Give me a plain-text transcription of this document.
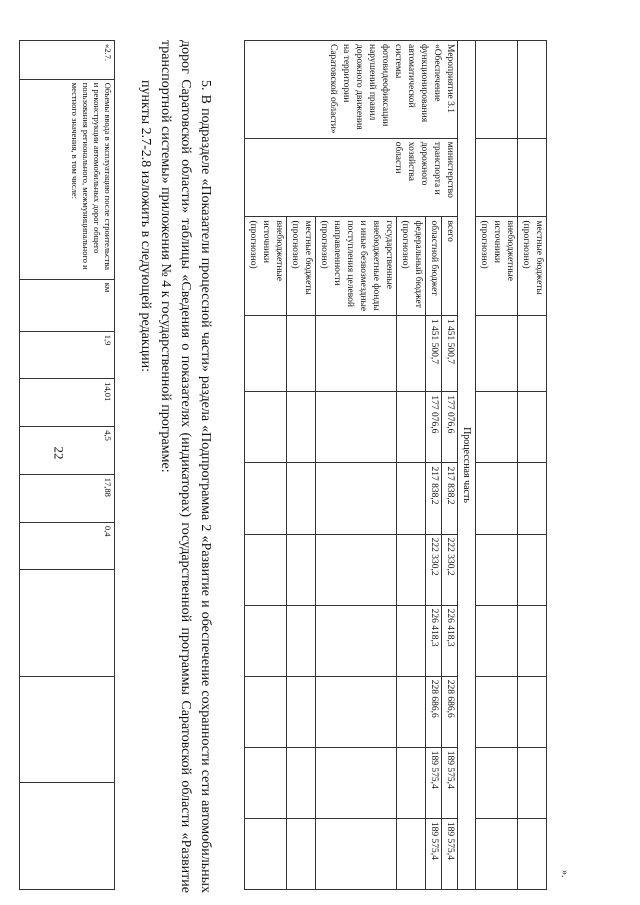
22
		местные бюджеты (прогнозно)								
		внебюджетные источники (прогнозно)								
Процессная часть										
Мероприятие 3.1 «Обеспечение функционирования автоматической системы фотовидеофиксации нарушений правил дорожного движения на территории Саратовской области»	министерство транспорта и дорожного хозяйства области	всего	1 451 500,7	177 076,6	217 838,2	222 330,2	226 418,3	228 686,6	189 575,4	189 575,4
		областной бюджет	1 451 500,7	177 076,6	217 838,2	222 330,2	226 418,3	228 686,6	189 575,4	189 575,4
		федеральный бюджет (прогнозно)								
		государственные внебюджетные фонды и иные безвозмездные поступления целевой направленности (прогнозно)								
		местные бюджеты (прогнозно)								
		внебюджетные источники (прогнозно)								
».
5. В подразделе «Показатели процессной части» раздела «Подпрограмма 2 «Развитие и обеспечение сохранности сети автомобильных дорог Саратовской области» таблицы «Сведения о показателях (индикаторах) государственной программы Саратовской области «Развитие транспортной системы» приложения № 4 к государственной программе:
пункты 2.7-2.8 изложить в следующей редакции:
«2.7.	Объемы ввода в эксплуатацию после строительства и реконструкции автомобильных дорог общего пользования регионального, межмуниципального и местного значения, в том числе:	км	1,9	14,01	4,5	17,88	0,4			
